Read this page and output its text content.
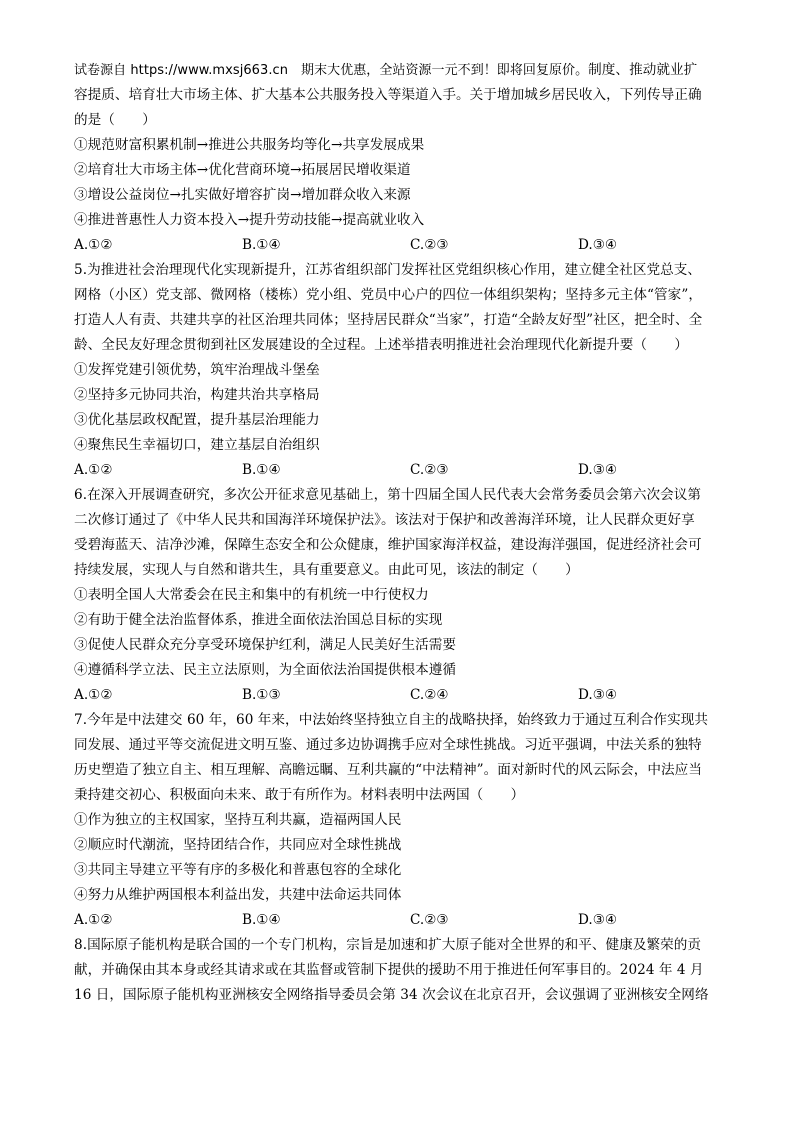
试卷源自 https://www.mxsj663.cn　期末大优惠，全站资源一元不到！即将回复原价。制度、推动就业扩
容提质、培育壮大市场主体、扩大基本公共服务投入等渠道入手。关于增加城乡居民收入，下列传导正确
的是（　　）
①规范财富积累机制→推进公共服务均等化→共享发展成果
②培育壮大市场主体→优化营商环境→拓展居民增收渠道
③增设公益岗位→扎实做好增容扩岗→增加群众收入来源
④推进普惠性人力资本投入→提升劳动技能→提高就业收入
A.①②	B.①④	C.②③	D.③④
5.为推进社会治理现代化实现新提升，江苏省组织部门发挥社区党组织核心作用，建立健全社区党总支、
网格（小区）党支部、微网格（楼栋）党小组、党员中心户的四位一体组织架构；坚持多元主体“管家”，
打造人人有责、共建共享的社区治理共同体；坚持居民群众“当家”，打造“全龄友好型”社区，把全时、全
龄、全民友好理念贯彻到社区发展建设的全过程。上述举措表明推进社会治理现代化新提升要（　　）
①发挥党建引领优势，筑牢治理战斗堡垒
②坚持多元协同共治，构建共治共享格局
③优化基层政权配置，提升基层治理能力
④聚焦民生幸福切口，建立基层自治组织
A.①②	B.①④	C.②③	D.③④
6.在深入开展调查研究，多次公开征求意见基础上，第十四届全国人民代表大会常务委员会第六次会议第
二次修订通过了《中华人民共和国海洋环境保护法》。该法对于保护和改善海洋环境，让人民群众更好享
受碧海蓝天、洁净沙滩，保障生态安全和公众健康，维护国家海洋权益，建设海洋强国，促进经济社会可
持续发展，实现人与自然和谐共生，具有重要意义。由此可见，该法的制定（　　）
①表明全国人大常委会在民主和集中的有机统一中行使权力
②有助于健全法治监督体系，推进全面依法治国总目标的实现
③促使人民群众充分享受环境保护红利，满足人民美好生活需要
④遵循科学立法、民主立法原则，为全面依法治国提供根本遵循
A.①②	B.①③	C.②④	D.③④
7.今年是中法建交 60 年，60 年来，中法始终坚持独立自主的战略抉择，始终致力于通过互利合作实现共
同发展、通过平等交流促进文明互鉴、通过多边协调携手应对全球性挑战。习近平强调，中法关系的独特
历史塑造了独立自主、相互理解、高瞻远瞩、互利共赢的“中法精神”。面对新时代的风云际会，中法应当
秉持建交初心、积极面向未来、敢于有所作为。材料表明中法两国（　　）
①作为独立的主权国家，坚持互利共赢，造福两国人民
②顺应时代潮流，坚持团结合作，共同应对全球性挑战
③共同主导建立平等有序的多极化和普惠包容的全球化
④努力从维护两国根本利益出发，共建中法命运共同体
A.①②	B.①④	C.②③	D.③④
8.国际原子能机构是联合国的一个专门机构，宗旨是加速和扩大原子能对全世界的和平、健康及繁荣的贡
献，并确保由其本身或经其请求或在其监督或管制下提供的援助不用于推进任何军事目的。2024 年 4 月
16 日，国际原子能机构亚洲核安全网络指导委员会第 34 次会议在北京召开，会议强调了亚洲核安全网络
